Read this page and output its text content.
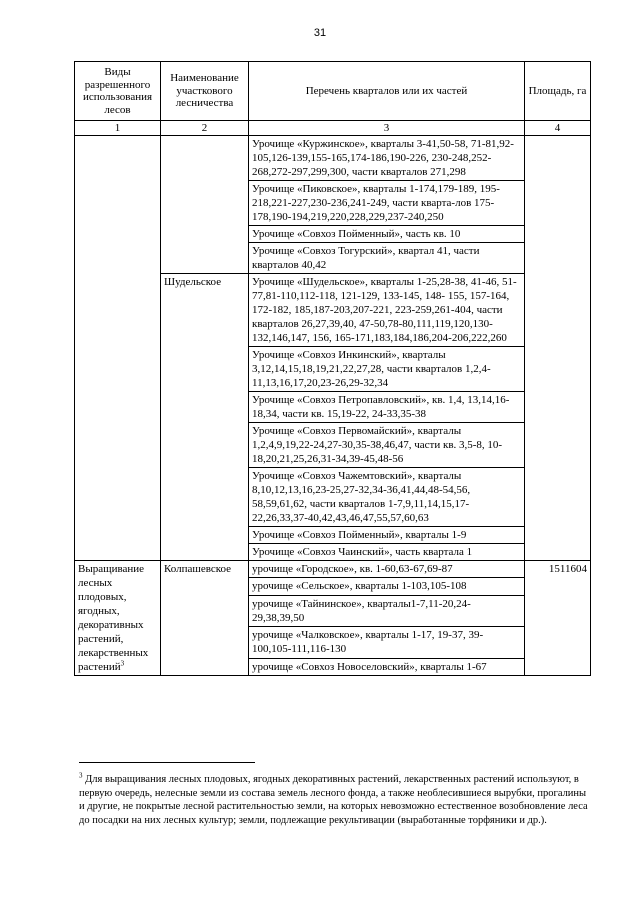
31
Виды разрешенного использования лесов	Наименование участкового лесничества	Перечень кварталов или их частей	Площадь, га
1	2	3	4
		Урочище «Куржинское», кварталы 3-41,50-58, 71-81,92-105,126-139,155-165,174-186,190-226, 230-248,252-268,272-297,299,300, части кварталов 271,298	
		Урочище «Пиковское», кварталы 1-174,179-189, 195-218,221-227,230-236,241-249, части кварта-лов 175-178,190-194,219,220,228,229,237-240,250	
		Урочище «Совхоз Пойменный», часть кв. 10	
		Урочище «Совхоз Тогурский», квартал 41, части кварталов 40,42	
	Шудельское	Урочище «Шудельское», кварталы 1-25,28-38, 41-46, 51-77,81-110,112-118, 121-129, 133-145, 148- 155, 157-164, 172-182, 185,187-203,207-221, 223-259,261-404, части кварталов 26,27,39,40, 47-50,78-80,111,119,120,130-132,146,147, 156, 165-171,183,184,186,204-206,222,260	
		Урочище «Совхоз Инкинский», кварталы 3,12,14,15,18,19,21,22,27,28, части кварталов 1,2,4-11,13,16,17,20,23-26,29-32,34	
		Урочище «Совхоз Петропавловский», кв. 1,4, 13,14,16-18,34, части кв. 15,19-22, 24-33,35-38	
		Урочище «Совхоз Первомайский», кварталы 1,2,4,9,19,22-24,27-30,35-38,46,47, части кв. 3,5-8, 10-18,20,21,25,26,31-34,39-45,48-56	
		Урочище «Совхоз Чажемтовский», кварталы 8,10,12,13,16,23-25,27-32,34-36,41,44,48-54,56, 58,59,61,62, части кварталов 1-7,9,11,14,15,17-22,26,33,37-40,42,43,46,47,55,57,60,63	
		Урочище «Совхоз Пойменный», кварталы 1-9	
		Урочище «Совхоз Чаинский», часть квартала 1	
Выращивание лесных плодовых, ягодных, декоративных растений, лекарственных растений$^3$	Колпашевское	урочище «Городское», кв. 1-60,63-67,69-87	1511604
		урочище «Сельское», кварталы 1-103,105-108	
		урочище «Тайнинское», кварталы1-7,11-20,24-29,38,39,50	
		урочище «Чалковское», кварталы 1-17, 19-37, 39-100,105-111,116-130	
		урочище «Совхоз Новоселовский», кварталы 1-67	
$^3$ Для выращивания лесных плодовых, ягодных декоративных растений, лекарственных растений используют, в первую очередь, нелесные земли из состава земель лесного фонда, а также необлесившиеся вырубки, прогалины и другие, не покрытые лесной растительностью земли, на которых невозможно естественное возобновление леса до посадки на них лесных культур; земли, подлежащие рекультивации (выработанные торфяники и др.).
